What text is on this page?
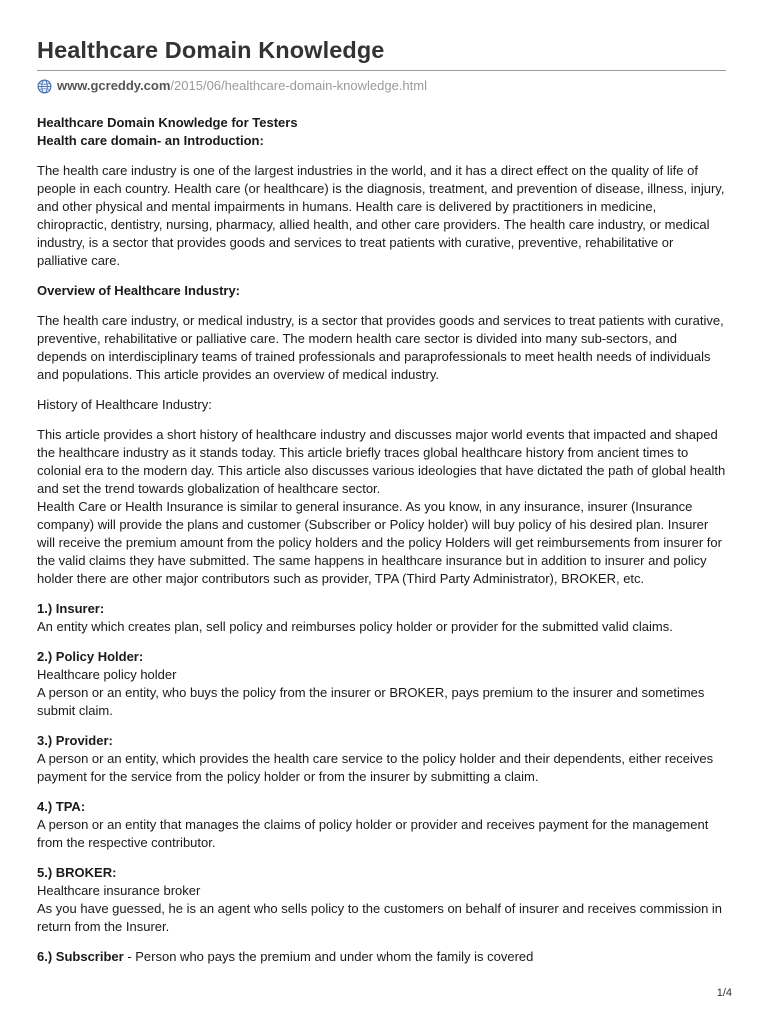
Healthcare Domain Knowledge
www.gcreddy.com /2015/06/healthcare-domain-knowledge.html

Healthcare Domain Knowledge for Testers

Health care domain- an Introduction:

The health care industry is one of the largest industries in the world, and it has a direct effect on the quality of life of people in each country. Health care (or healthcare) is the diagnosis, treatment, and prevention of disease, illness, injury, and other physical and mental impairments in humans. Health care is delivered by practitioners in medicine, chiropractic, dentistry, nursing, pharmacy, allied health, and other care providers. The health care industry, or medical industry, is a sector that provides goods and services to treat patients with curative, preventive, rehabilitative or palliative care.

Overview of Healthcare Industry:

The health care industry, or medical industry, is a sector that provides goods and services to treat patients with curative, preventive, rehabilitative or palliative care. The modern health care sector is divided into many sub-sectors, and depends on interdisciplinary teams of trained professionals and paraprofessionals to meet health needs of individuals and populations. This article provides an overview of medical industry.

History of Healthcare Industry:

This article provides a short history of healthcare industry and discusses major world events that impacted and shaped the healthcare industry as it stands today. This article briefly traces global healthcare history from ancient times to colonial era to the modern day. This article also discusses various ideologies that have dictated the path of global health and set the trend towards globalization of healthcare sector.

Health Care or Health Insurance is similar to general insurance. As you know, in any insurance, insurer (Insurance company) will provide the plans and customer (Subscriber or Policy holder) will buy policy of his desired plan. Insurer will receive the premium amount from the policy holders and the policy Holders will get reimbursements from insurer for the valid claims they have submitted. The same happens in healthcare insurance but in addition to insurer and policy holder there are other major contributors such as provider, TPA (Third Party Administrator), BROKER, etc.

1.) Insurer:

An entity which creates plan, sell policy and reimburses policy holder or provider for the submitted valid claims.

2.) Policy Holder:

Healthcare policy holder

A person or an entity, who buys the policy from the insurer or BROKER, pays premium to the insurer and sometimes submit claim.

3.) Provider:

A person or an entity, which provides the health care service to the policy holder and their dependents, either receives payment for the service from the policy holder or from the insurer by submitting a claim.

4.) TPA:

A person or an entity that manages the claims of policy holder or provider and receives payment for the management from the respective contributor.

5.) BROKER:

Healthcare insurance broker

As you have guessed, he is an agent who sells policy to the customers on behalf of insurer and receives commission in return from the Insurer.

6.) Subscriber - Person who pays the premium and under whom the family is covered

1/4
